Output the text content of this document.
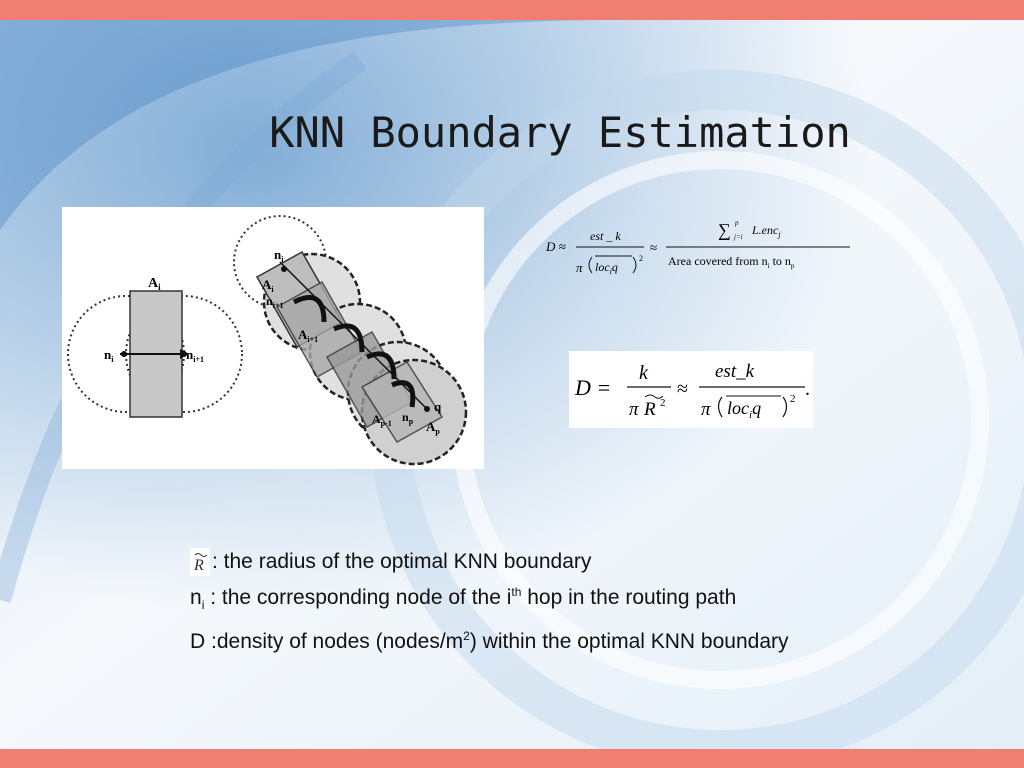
KNN Boundary Estimation
$A_i$
$n_i$	$n_{i+1}$
$n_i$
$A_i$
$n_{i+1}$
$A_{i+1}$
$A_{p-1}$ $n_p$
q
$A_p$
D ≈
est _ k
π loc$_i$q
2
≈
∑ p
j=i L.enc$_j$
Area covered from $n_i$ to $n_p$
D =
k
π R 2
≈
est_k
π loc$_i$q	2 .
R : the radius of the optimal KNN boundary
$n_i$ : the corresponding node of the $i^{th}$ hop in the routing path
D :density of nodes $(nodes/m^2)$ within the optimal KNN boundary
